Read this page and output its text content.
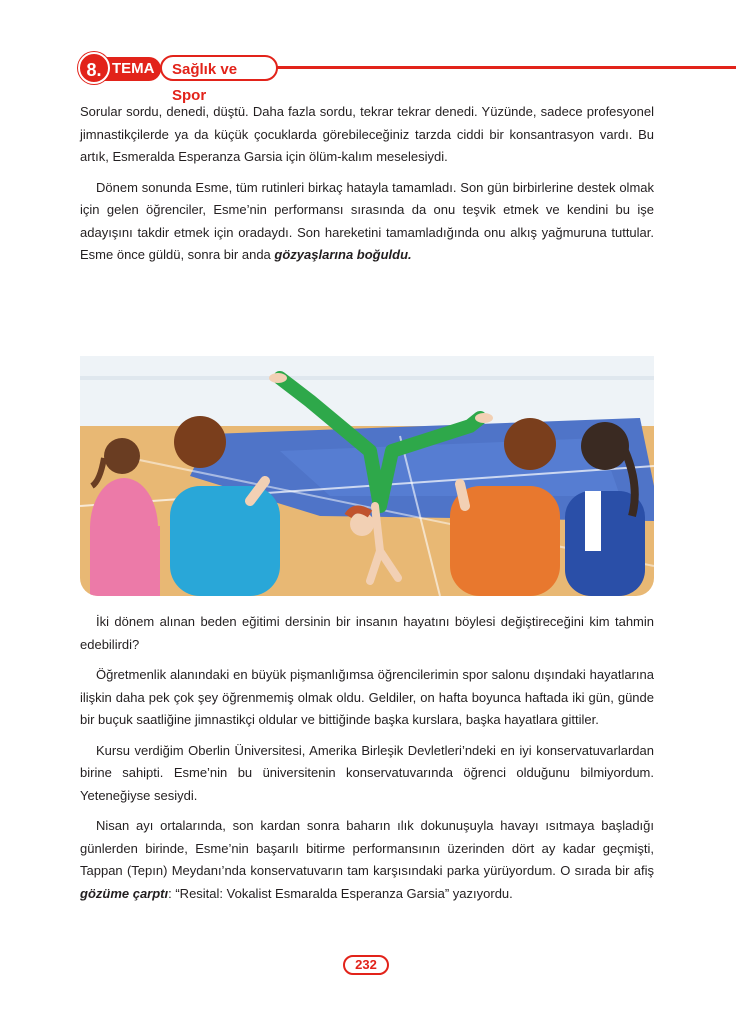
TEMA
8.	Sağlık ve Spor

Sorular sordu, denedi, düştü. Daha fazla sordu, tekrar tekrar denedi. Yüzünde, sadece profesyonel jimnastikçilerde ya da küçük çocuklarda görebileceğiniz tarzda ciddi bir konsantrasyon vardı. Bu artık, Esmeralda Esperanza Garsia için ölüm-kalım meselesiydi.

Dönem sonunda Esme, tüm rutinleri birkaç hatayla tamamladı. Son gün birbirlerine destek olmak için gelen öğrenciler, Esme’nin performansı sırasında da onu teşvik etmek ve kendini bu işe adayışını takdir etmek için oradaydı. Son hareketini tamamladığında onu alkış yağmuruna tuttular. Esme önce güldü, sonra bir anda gözyaşlarına boğuldu.

İki dönem alınan beden eğitimi dersinin bir insanın hayatını böylesi değiştireceğini kim tahmin edebilirdi?

Öğretmenlik alanındaki en büyük pişmanlığımsa öğrencilerimin spor salonu dışındaki hayatlarına ilişkin daha pek çok şey öğrenmemiş olmak oldu. Geldiler, on hafta boyunca haftada iki gün, günde bir buçuk saatliğine jimnastikçi oldular ve bittiğinde başka kurslara, başka hayatlara gittiler.

Kursu verdiğim Oberlin Üniversitesi, Amerika Birleşik Devletleri’ndeki en iyi konservatuvarlardan birine sahipti. Esme’nin bu üniversitenin konservatuvarında öğrenci olduğunu bilmiyordum. Yeteneğiyse sesiydi.

Nisan ayı ortalarında, son kardan sonra baharın ılık dokunuşuyla havayı ısıtmaya başladığı günlerden birinde, Esme’nin başarılı bitirme performansının üzerinden dört ay kadar geçmişti, Tappan (Tepın) Meydanı’nda konservatuvarın tam karşısındaki parka yürüyordum. O sırada bir afiş gözüme çarptı: “Resital: Vokalist Esmaralda Esperanza Garsia” yazıyordu.

232
